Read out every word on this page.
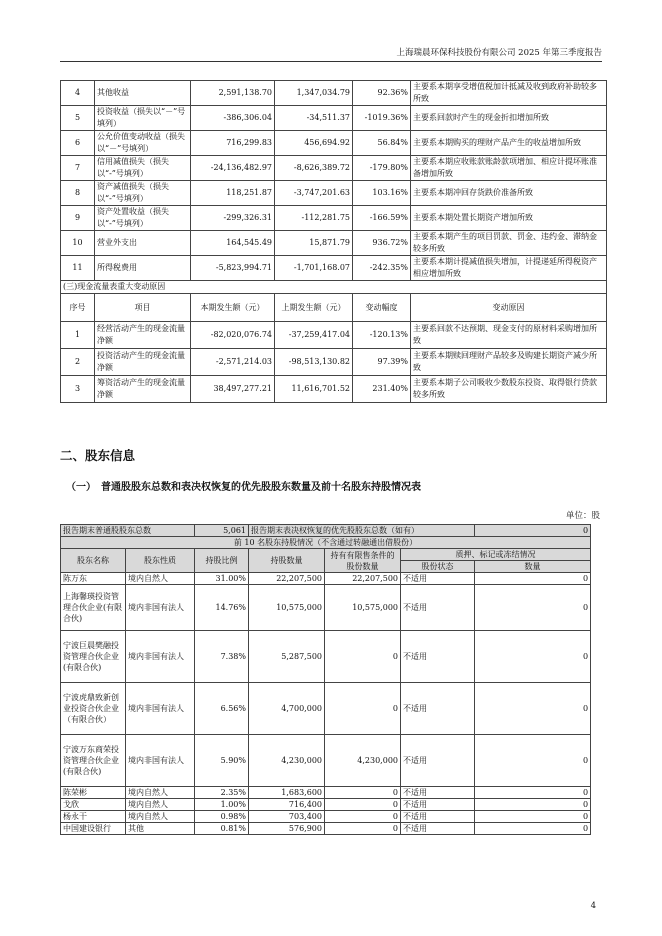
上海瑞晨环保科技股份有限公司 2025 年第三季度报告
4	其他收益	2,591,138.70	1,347,034.79	92.36%	主要系本期享受增值税加计抵减及收到政府补助较多所致
5	投资收益（损失以“－”号填列）	-386,306.04	-34,511.37	-1019.36%	主要系回款时产生的现金折扣增加所致
6	公允价值变动收益（损失以“－”号填列）	716,299.83	456,694.92	56.84%	主要系本期购买的理财产品产生的收益增加所致
7	信用减值损失（损失以“-”号填列）	-24,136,482.97	-8,626,389.72	-179.80%	主要系本期应收账款账龄款项增加、相应计提坏账准备增加所致
8	资产减值损失（损失以“-”号填列）	118,251.87	-3,747,201.63	103.16%	主要系本期冲回存货跌价准备所致
9	资产处置收益（损失以“-”号填列）	-299,326.31	-112,281.75	-166.59%	主要系本期处置长期资产增加所致
10	营业外支出	164,545.49	15,871.79	936.72%	主要系本期产生的项目罚款、罚金、违约金、滞纳金较多所致
11	所得税费用	-5,823,994.71	-1,701,168.07	-242.35%	主要系本期计提减值损失增加，计提递延所得税资产相应增加所致
(三)现金流量表重大变动原因					
序号	项目	本期发生额（元）	上期发生额（元）	变动幅度	变动原因
1	经营活动产生的现金流量净额	-82,020,076.74	-37,259,417.04	-120.13%	主要系回款不达预期、现金支付的原材料采购增加所致
2	投资活动产生的现金流量净额	-2,571,214.03	-98,513,130.82	97.39%	主要系本期赎回理财产品较多及购建长期资产减少所致
3	筹资活动产生的现金流量净额	38,497,277.21	11,616,701.52	231.40%	主要系本期子公司吸收少数股东投资、取得银行贷款较多所致
二、股东信息
（一）　普通股股东总数和表决权恢复的优先股股东数量及前十名股东持股情况表
单位：股
报告期末普通股股东总数		5,061	报告期末表决权恢复的优先股股东总数（如有）			0
前 10 名股东持股情况（不含通过转融通出借股份）						
股东名称	股东性质	持股比例	持股数量	持有有限售条件的股份数量	质押、标记或冻结情况	
					股份状态	数量
陈万东	境内自然人	31.00%	22,207,500	22,207,500	不适用	0
上海馨瑛投资管理合伙企业(有限合伙)	境内非国有法人	14.76%	10,575,000	10,575,000	不适用	0
宁波巨晨樊融投资管理合伙企业(有限合伙)	境内非国有法人	7.38%	5,287,500	0	不适用	0
宁波虎鼎致新创业投资合伙企业（有限合伙）	境内非国有法人	6.56%	4,700,000	0	不适用	0
宁波万东商荣投资管理合伙企业(有限合伙)	境内非国有法人	5.90%	4,230,000	4,230,000	不适用	0
陈荣彬	境内自然人	2.35%	1,683,600	0	不适用	0
戈欣	境内自然人	1.00%	716,400	0	不适用	0
杨永干	境内自然人	0.98%	703,400	0	不适用	0
中国建设银行	其他	0.81%	576,900	0	不适用	0
4
